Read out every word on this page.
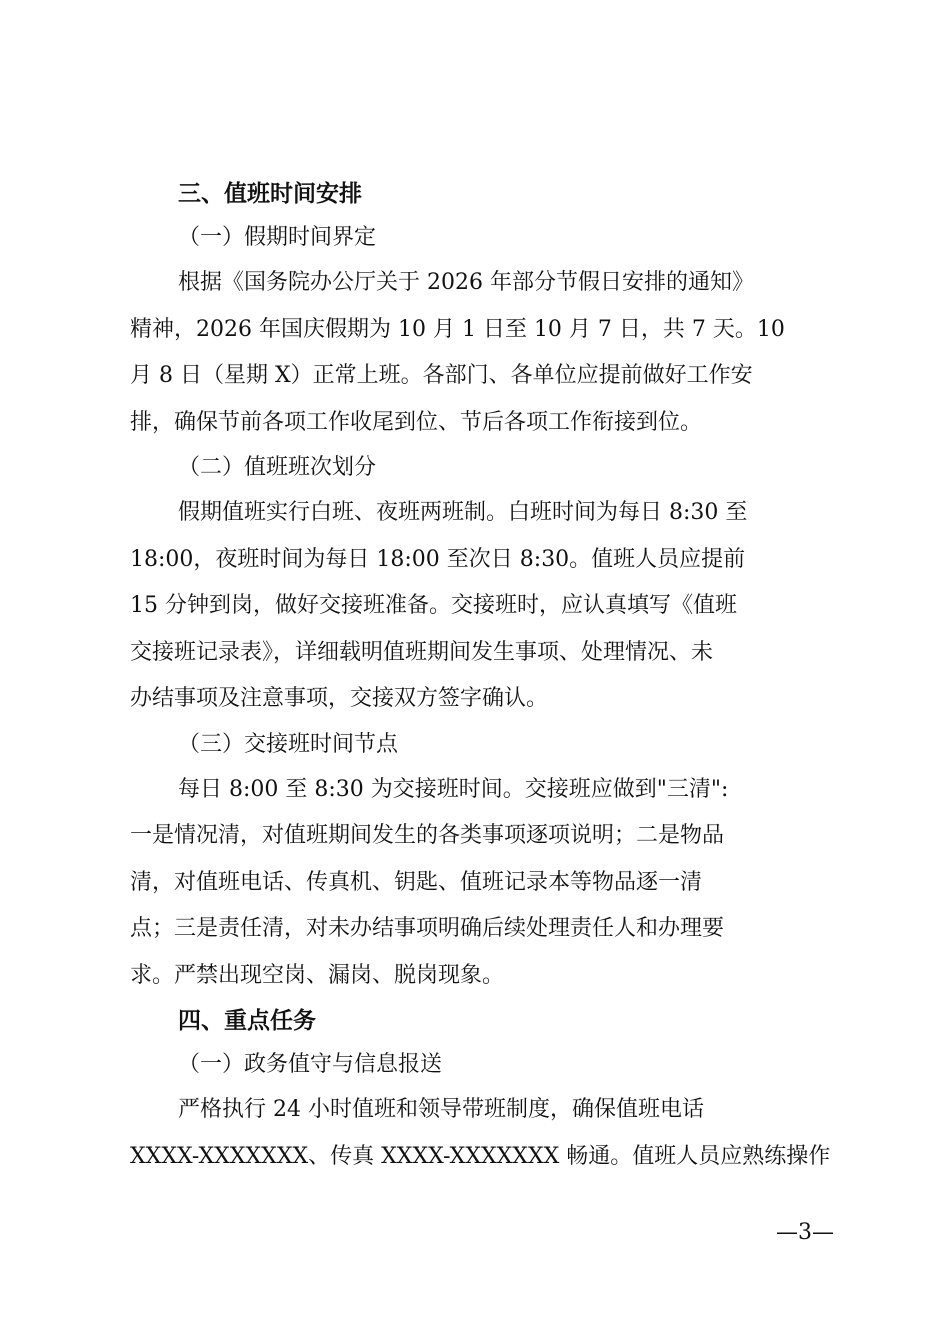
三、值班时间安排
（一）假期时间界定
根据《国务院办公厅关于 2026 年部分节假日安排的通知》
精神，2026 年国庆假期为 10 月 1 日至 10 月 7 日，共 7 天。10
月 8 日（星期 X）正常上班。各部门、各单位应提前做好工作安
排，确保节前各项工作收尾到位、节后各项工作衔接到位。
（二）值班班次划分
假期值班实行白班、夜班两班制。白班时间为每日 8:30 至
18:00，夜班时间为每日 18:00 至次日 8:30。值班人员应提前
15 分钟到岗，做好交接班准备。交接班时，应认真填写《值班
交接班记录表》，详细载明值班期间发生事项、处理情况、未
办结事项及注意事项，交接双方签字确认。
（三）交接班时间节点
每日 8:00 至 8:30 为交接班时间。交接班应做到"三清":
一是情况清，对值班期间发生的各类事项逐项说明；二是物品
清，对值班电话、传真机、钥匙、值班记录本等物品逐一清
点；三是责任清，对未办结事项明确后续处理责任人和办理要
求。严禁出现空岗、漏岗、脱岗现象。
四、重点任务
（一）政务值守与信息报送
严格执行 24 小时值班和领导带班制度，确保值班电话
XXXX-XXXXXXX、传真 XXXX-XXXXXXX 畅通。值班人员应熟练操作
—3—
